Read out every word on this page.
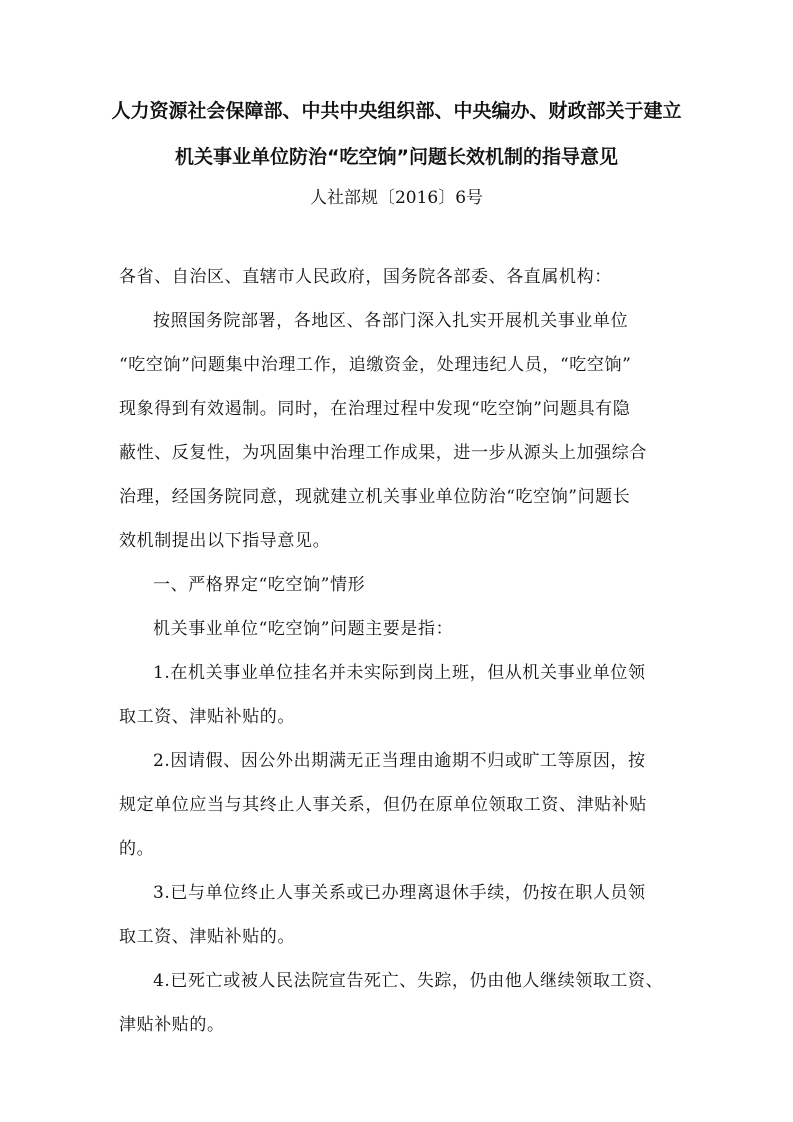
人力资源社会保障部、中共中央组织部、中央编办、财政部关于建立
机关事业单位防治“吃空饷”问题长效机制的指导意见

人社部规〔2016〕6号

各省、自治区、直辖市人民政府，国务院各部委、各直属机构：

按照国务院部署，各地区、各部门深入扎实开展机关事业单位

“吃空饷”问题集中治理工作，追缴资金，处理违纪人员，“吃空饷”

现象得到有效遏制。同时，在治理过程中发现“吃空饷”问题具有隐

蔽性、反复性，为巩固集中治理工作成果，进一步从源头上加强综合

治理，经国务院同意，现就建立机关事业单位防治“吃空饷”问题长

效机制提出以下指导意见。

一、严格界定“吃空饷”情形

机关事业单位“吃空饷”问题主要是指：

1.在机关事业单位挂名并未实际到岗上班，但从机关事业单位领

取工资、津贴补贴的。

2.因请假、因公外出期满无正当理由逾期不归或旷工等原因，按

规定单位应当与其终止人事关系，但仍在原单位领取工资、津贴补贴

的。

3.已与单位终止人事关系或已办理离退休手续，仍按在职人员领

取工资、津贴补贴的。

4.已死亡或被人民法院宣告死亡、失踪，仍由他人继续领取工资、

津贴补贴的。
